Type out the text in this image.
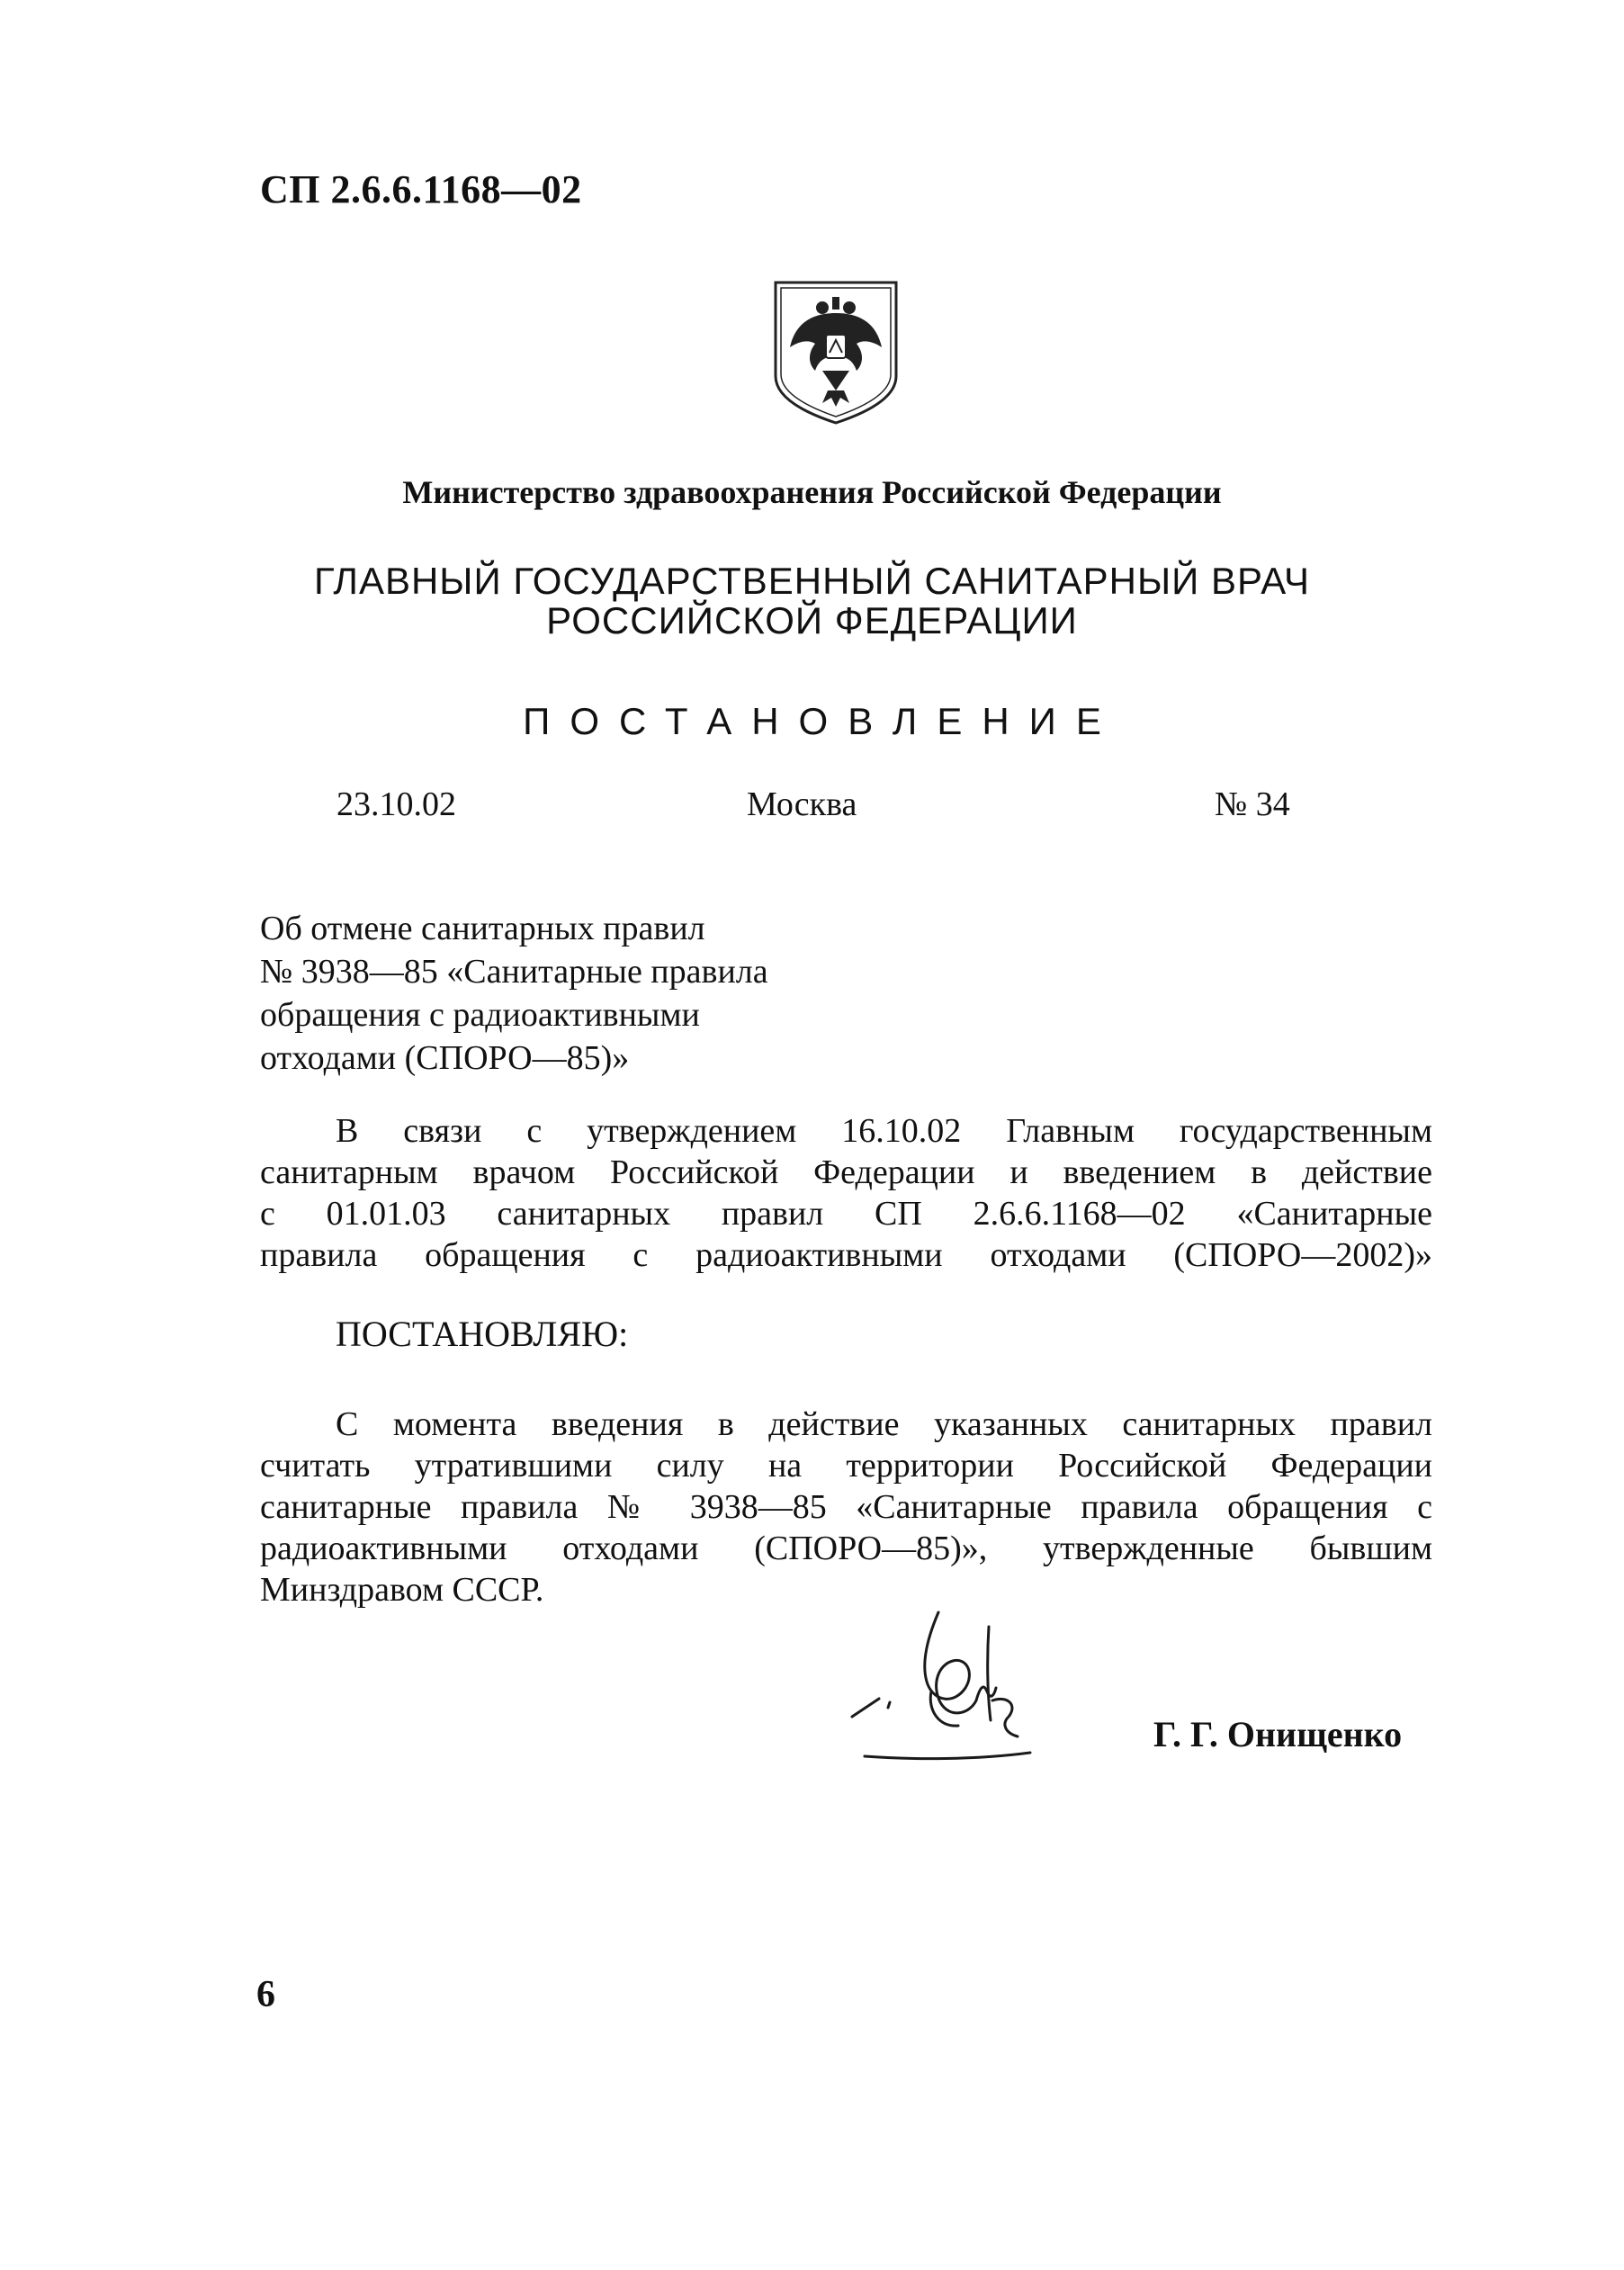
СП 2.6.6.1168—02
Министерство здравоохранения Российской Федерации
ГЛАВНЫЙ ГОСУДАРСТВЕННЫЙ САНИТАРНЫЙ ВРАЧ
РОССИЙСКОЙ ФЕДЕРАЦИИ
ПОСТАНОВЛЕНИЕ
23.10.02	Москва	№ 34
Об отмене санитарных правил
№ 3938—85 «Санитарные правила
обращения с радиоактивными
отходами (СПОРО—85)»
В связи с утверждением 16.10.02 Главным государственным
санитарным врачом Российской Федерации и введением в действие
с 01.01.03 санитарных правил СП 2.6.6.1168—02 «Санитарные
правила обращения с радиоактивными отходами (СПОРО—2002)»
ПОСТАНОВЛЯЮ:
С момента введения в действие указанных санитарных правил
считать утратившими силу на территории Российской Федерации
санитарные правила № 3938—85 «Санитарные правила обращения с
радиоактивными отходами (СПОРО—85)», утвержденные бывшим
Минздравом СССР.
Г. Г. Онищенко
6
